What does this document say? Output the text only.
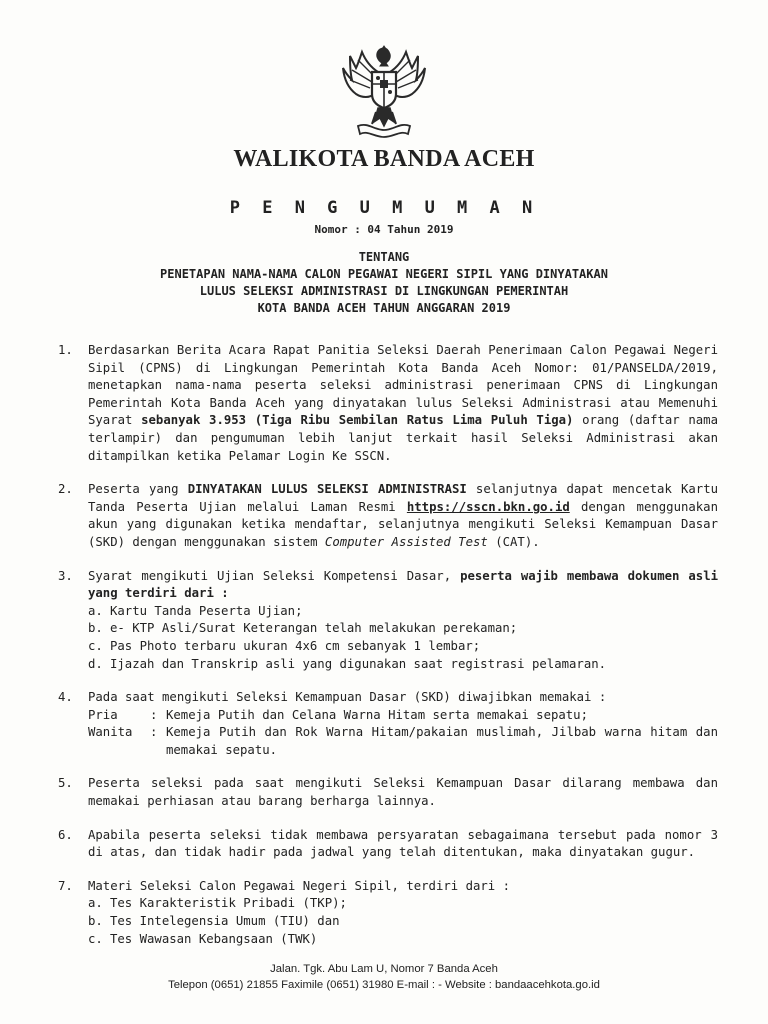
WALIKOTA BANDA ACEH
P E N G U M U M A N
Nomor : 04 Tahun 2019
TENTANG
PENETAPAN NAMA-NAMA CALON PEGAWAI NEGERI SIPIL YANG DINYATAKAN
LULUS SELEKSI ADMINISTRASI DI LINGKUNGAN PEMERINTAH
KOTA BANDA ACEH TAHUN ANGGARAN 2019
1. Berdasarkan Berita Acara Rapat Panitia Seleksi Daerah Penerimaan Calon Pegawai Negeri Sipil (CPNS) di Lingkungan Pemerintah Kota Banda Aceh Nomor: 01/PANSELDA/2019, menetapkan nama-nama peserta seleksi administrasi penerimaan CPNS di Lingkungan Pemerintah Kota Banda Aceh yang dinyatakan lulus Seleksi Administrasi atau Memenuhi Syarat sebanyak 3.953 (Tiga Ribu Sembilan Ratus Lima Puluh Tiga) orang (daftar nama terlampir) dan pengumuman lebih lanjut terkait hasil Seleksi Administrasi akan ditampilkan ketika Pelamar Login Ke SSCN.
2. Peserta yang DINYATAKAN LULUS SELEKSI ADMINISTRASI selanjutnya dapat mencetak Kartu Tanda Peserta Ujian melalui Laman Resmi https://sscn.bkn.go.id dengan menggunakan akun yang digunakan ketika mendaftar, selanjutnya mengikuti Seleksi Kemampuan Dasar (SKD) dengan menggunakan sistem Computer Assisted Test (CAT).
3. Syarat mengikuti Ujian Seleksi Kompetensi Dasar, peserta wajib membawa dokumen asli yang terdiri dari :
a. Kartu Tanda Peserta Ujian;
b. e- KTP Asli/Surat Keterangan telah melakukan perekaman;
c. Pas Photo terbaru ukuran 4x6 cm sebanyak 1 lembar;
d. Ijazah dan Transkrip asli yang digunakan saat registrasi pelamaran.
4. Pada saat mengikuti Seleksi Kemampuan Dasar (SKD) diwajibkan memakai :
Pria	: Kemeja Putih dan Celana Warna Hitam serta memakai sepatu;
Wanita	: Kemeja Putih dan Rok Warna Hitam/pakaian muslimah, Jilbab warna hitam dan memakai sepatu.
5. Peserta seleksi pada saat mengikuti Seleksi Kemampuan Dasar dilarang membawa dan memakai perhiasan atau barang berharga lainnya.
6. Apabila peserta seleksi tidak membawa persyaratan sebagaimana tersebut pada nomor 3 di atas, dan tidak hadir pada jadwal yang telah ditentukan, maka dinyatakan gugur.
7. Materi Seleksi Calon Pegawai Negeri Sipil, terdiri dari :
a. Tes Karakteristik Pribadi (TKP);
b. Tes Intelegensia Umum (TIU) dan
c. Tes Wawasan Kebangsaan (TWK)
Jalan. Tgk. Abu Lam U, Nomor 7 Banda Aceh
Telepon (0651) 21855 Faximile (0651) 31980 E-mail : - Website : bandaacehkota.go.id
